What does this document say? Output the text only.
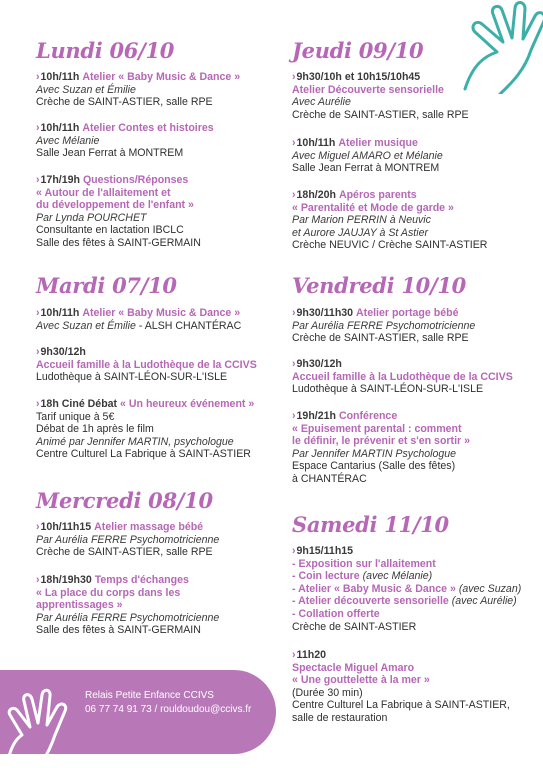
Relais Petite Enfance CCIVS
06 77 74 91 73 / rouldoudou@ccivs.fr
Lundi 06/10
›10h/11h Atelier « Baby Music & Dance »
Avec Suzan et Émilie
Crèche de SAINT-ASTIER, salle RPE
›10h/11h Atelier Contes et histoires
Avec Mélanie
Salle Jean Ferrat à MONTREM
›17h/19h Questions/Réponses
« Autour de l'allaitement et
du développement de l'enfant »
Par Lynda POURCHET
Consultante en lactation IBCLC
Salle des fêtes à SAINT-GERMAIN
Mardi 07/10
›10h/11h Atelier « Baby Music & Dance »
Avec Suzan et Émilie - ALSH CHANTÉRAC
›9h30/12h
Accueil famille à la Ludothèque de la CCIVS
Ludothèque à SAINT-LÉON-SUR-L'ISLE
›18h Ciné Débat « Un heureux événement »
Tarif unique à 5€
Débat de 1h après le film
Animé par Jennifer MARTIN, psychologue
Centre Culturel La Fabrique à SAINT-ASTIER
Mercredi 08/10
›10h/11h15 Atelier massage bébé
Par Aurélia FERRE Psychomotricienne
Crèche de SAINT-ASTIER, salle RPE
›18h/19h30 Temps d'échanges
« La place du corps dans les
apprentissages »
Par Aurélia FERRE Psychomotricienne
Salle des fêtes à SAINT-GERMAIN
Jeudi 09/10
›9h30/10h et 10h15/10h45
Atelier Découverte sensorielle
Avec Aurélie
Crèche de SAINT-ASTIER, salle RPE
›10h/11h Atelier musique
Avec Miguel AMARO et Mélanie
Salle Jean Ferrat à MONTREM
›18h/20h Apéros parents
« Parentalité et Mode de garde »
Par Marion PERRIN à Neuvic
et Aurore JAUJAY à St Astier
Crèche NEUVIC / Crèche SAINT-ASTIER
Vendredi 10/10
›9h30/11h30 Atelier portage bébé
Par Aurélia FERRE Psychomotricienne
Crèche de SAINT-ASTIER, salle RPE
›9h30/12h
Accueil famille à la Ludothèque de la CCIVS
Ludothèque à SAINT-LÉON-SUR-L'ISLE
›19h/21h Conférence
« Epuisement parental : comment
le définir, le prévenir et s'en sortir »
Par Jennifer MARTIN Psychologue
Espace Cantarius (Salle des fêtes)
à CHANTÉRAC
Samedi 11/10
›9h15/11h15
- Exposition sur l'allaitement
- Coin lecture (avec Mélanie)
- Atelier « Baby Music & Dance » (avec Suzan)
- Atelier découverte sensorielle (avec Aurélie)
- Collation offerte
Crèche de SAINT-ASTIER
›11h20
Spectacle Miguel Amaro
« Une gouttelette à la mer »
(Durée 30 min)
Centre Culturel La Fabrique à SAINT-ASTIER,
salle de restauration
